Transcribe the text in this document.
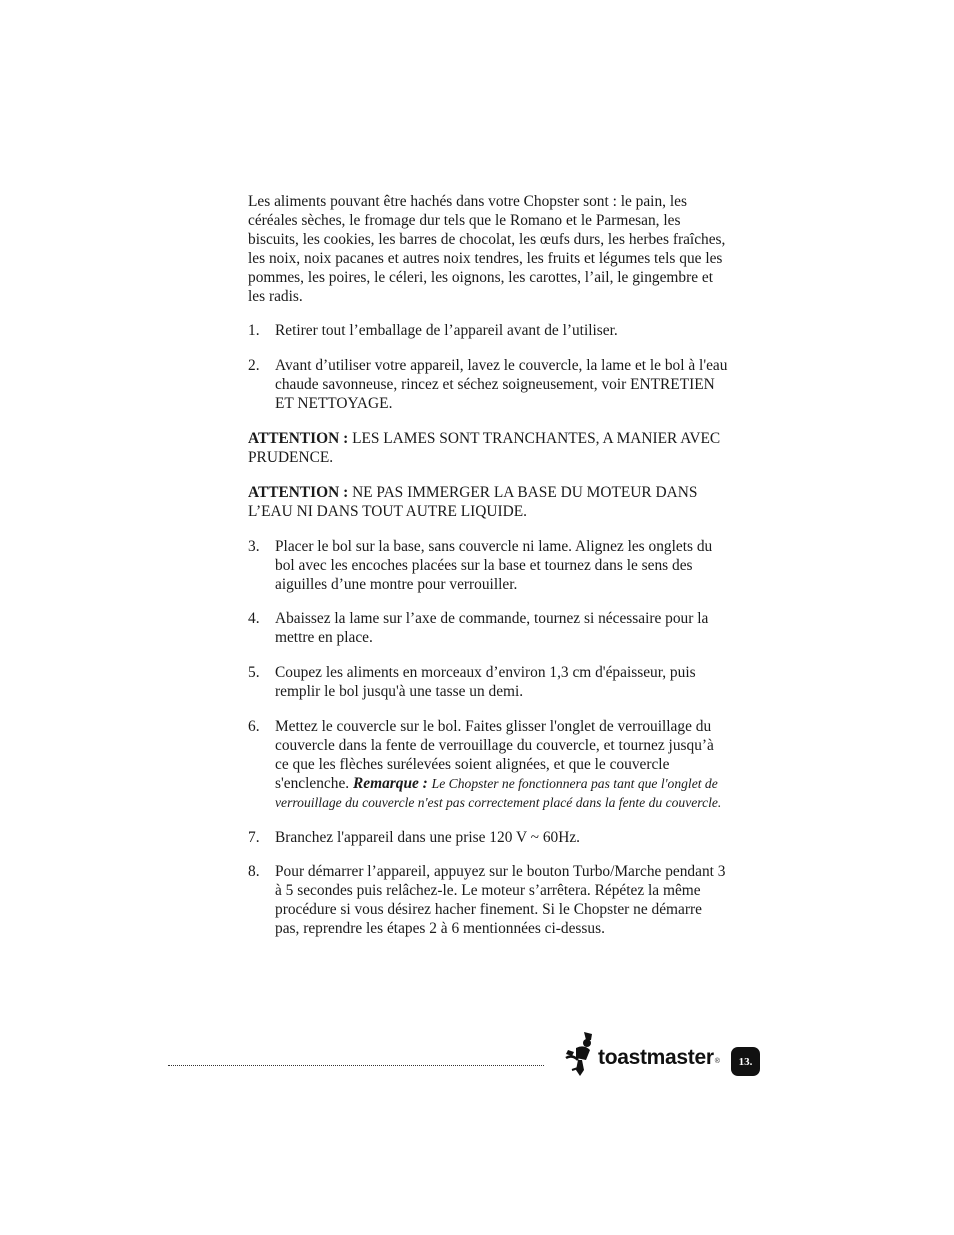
Les aliments pouvant être hachés dans votre Chopster sont : le pain, les céréales sèches, le fromage dur tels que le Romano et le Parmesan, les biscuits, les cookies, les barres de chocolat, les œufs durs, les herbes fraîches, les noix, noix pacanes et autres noix tendres, les fruits et légumes tels que les pommes, les poires, le céleri, les oignons, les carottes, l’ail, le gingembre et les radis.

1.	Retirer tout l’emballage de l’appareil avant de l’utiliser.
2.	Avant d’utiliser votre appareil, lavez le couvercle, la lame et le bol à l'eau chaude savonneuse, rincez et séchez soigneusement, voir ENTRETIEN ET NETTOYAGE.

ATTENTION : LES LAMES SONT TRANCHANTES, A MANIER AVEC PRUDENCE.

ATTENTION : NE PAS IMMERGER LA BASE DU MOTEUR DANS L’EAU NI DANS TOUT AUTRE LIQUIDE.

3.	Placer le bol sur la base, sans couvercle ni lame. Alignez les onglets du bol avec les encoches placées sur la base et tournez dans le sens des aiguilles d’une montre pour verrouiller.
4.	Abaissez la lame sur l’axe de commande, tournez si nécessaire pour la mettre en place.
5.	Coupez les aliments en morceaux d’environ 1,3 cm d'épaisseur, puis remplir le bol jusqu'à une tasse un demi.
6.	Mettez le couvercle sur le bol. Faites glisser l'onglet de verrouillage du couvercle dans la fente de verrouillage du couvercle, et tournez jusqu’à ce que les flèches surélevées soient alignées, et que le couvercle s'enclenche. Remarque : Le Chopster ne fonctionnera pas tant que l'onglet de verrouillage du couvercle n'est pas correctement placé dans la fente du couvercle.
7.	Branchez l'appareil dans une prise 120 V ~ 60Hz.
8.	Pour démarrer l’appareil, appuyez sur le bouton Turbo/Marche pendant 3 à 5 secondes puis relâchez-le. Le moteur s’arrêtera. Répétez la même procédure si vous désirez hacher finement. Si le Chopster ne démarre pas, reprendre les étapes 2 à 6 mentionnées ci-dessus.
toastmaster ®	13.
